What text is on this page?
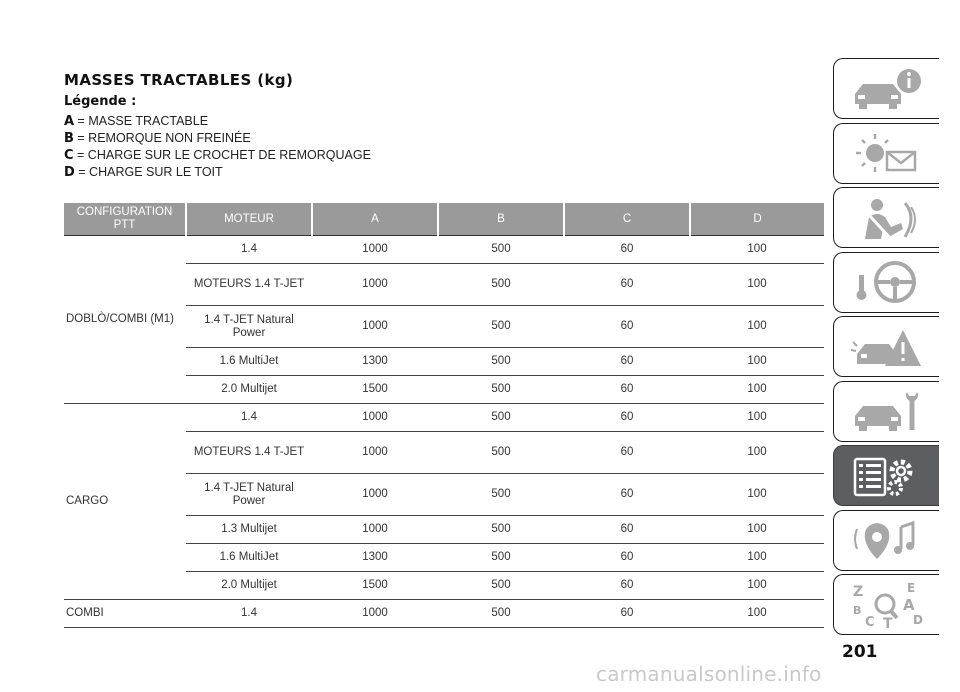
MASSES TRACTABLES (kg)
Légende :
A = MASSE TRACTABLE
B = REMORQUE NON FREINÉE
C = CHARGE SUR LE CROCHET DE REMORQUAGE
D = CHARGE SUR LE TOIT
CONFIGURATION PTT	MOTEUR	A	B	C	D
DOBLÒ/COMBI (M1)	1.4	1000	500	60	100
	MOTEURS 1.4 T-JET	1000	500	60	100
	1.4 T-JET Natural Power	1000	500	60	100
	1.6 MultiJet	1300	500	60	100
	2.0 Multijet	1500	500	60	100
CARGO	1.4	1000	500	60	100
	MOTEURS 1.4 T-JET	1000	500	60	100
	1.4 T-JET Natural Power	1000	500	60	100
	1.3 Multijet	1000	500	60	100
	1.6 MultiJet	1300	500	60	100
	2.0 Multijet	1500	500	60	100
COMBI	1.4	1000	500	60	100
201
carmanualsonline.info
Z	E
B	A
C	D
T
